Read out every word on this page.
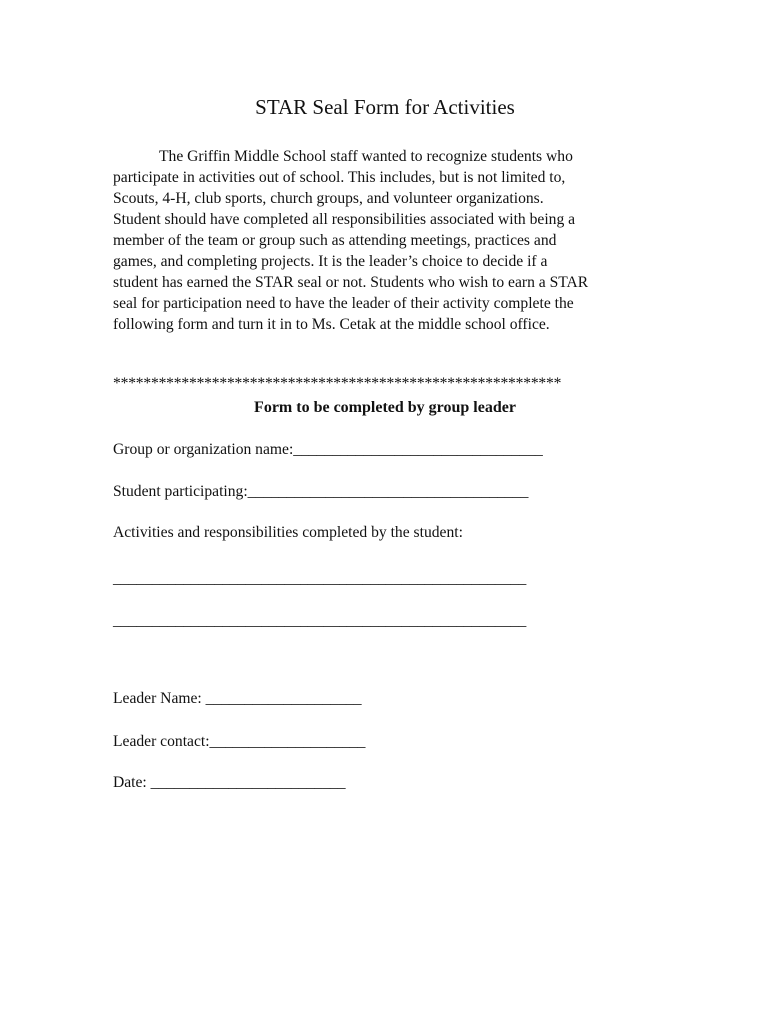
STAR Seal Form for Activities
The Griffin Middle School staff wanted to recognize students who
participate in activities out of school. This includes, but is not limited to,
Scouts, 4-H, club sports, church groups, and volunteer organizations.
Student should have completed all responsibilities associated with being a
member of the team or group such as attending meetings, practices and
games, and completing projects. It is the leader’s choice to decide if a
student has earned the STAR seal or not. Students who wish to earn a STAR
seal for participation need to have the leader of their activity complete the
following form and turn it in to Ms. Cetak at the middle school office.
***********************************************************
Form to be completed by group leader
Group or organization name:________________________________
Student participating:____________________________________
Activities and responsibilities completed by the student:
_____________________________________________________
_____________________________________________________
Leader Name: ____________________
Leader contact:____________________
Date: _________________________
